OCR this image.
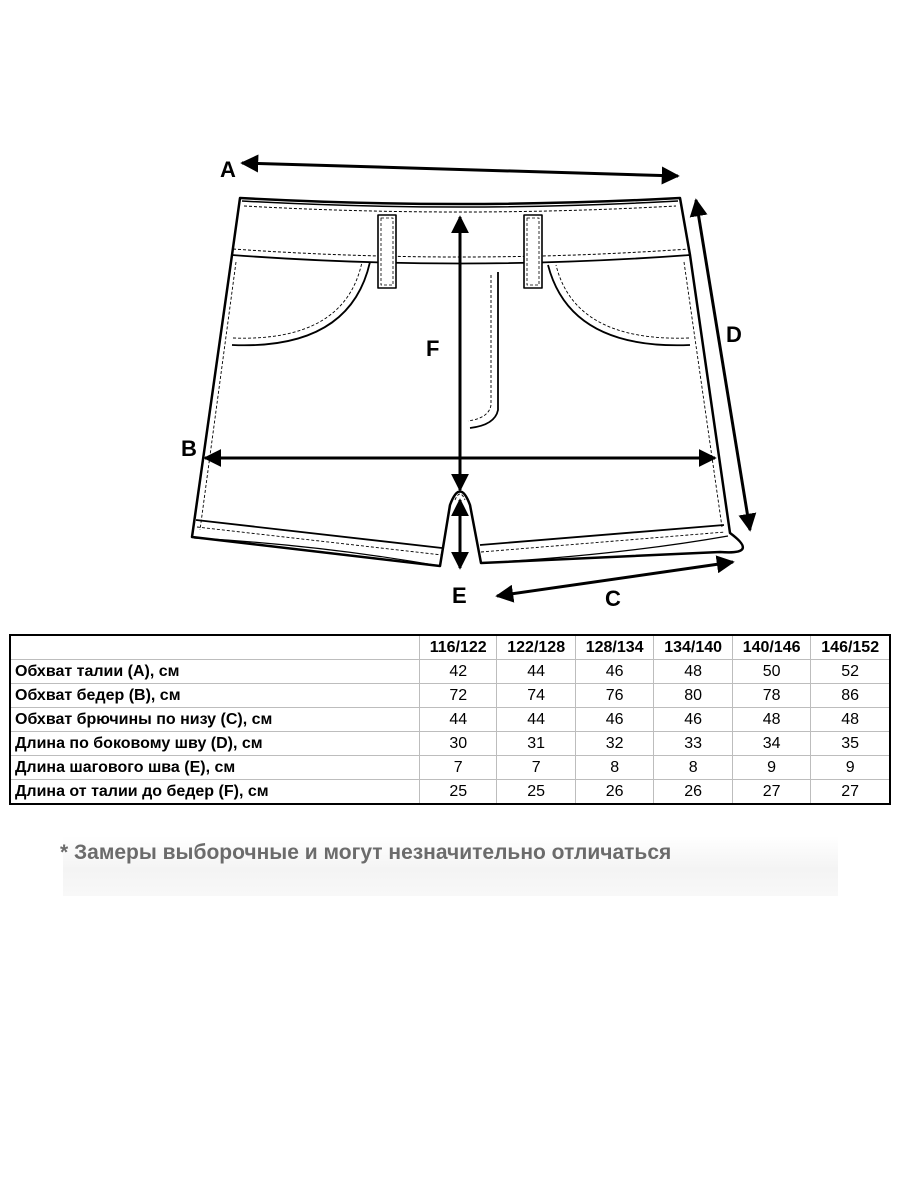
A
B
C
D
E
F
	116/122	122/128	128/134	134/140	140/146	146/152
Обхват талии (А), см	42	44	46	48	50	52
Обхват бедер (В), см	72	74	76	80	78	86
Обхват брючины по низу (С), см	44	44	46	46	48	48
Длина по боковому шву (D), см	30	31	32	33	34	35
Длина шагового шва (Е), см	7	7	8	8	9	9
Длина от талии до бедер (F), см	25	25	26	26	27	27
* Замеры выборочные и могут незначительно отличаться
